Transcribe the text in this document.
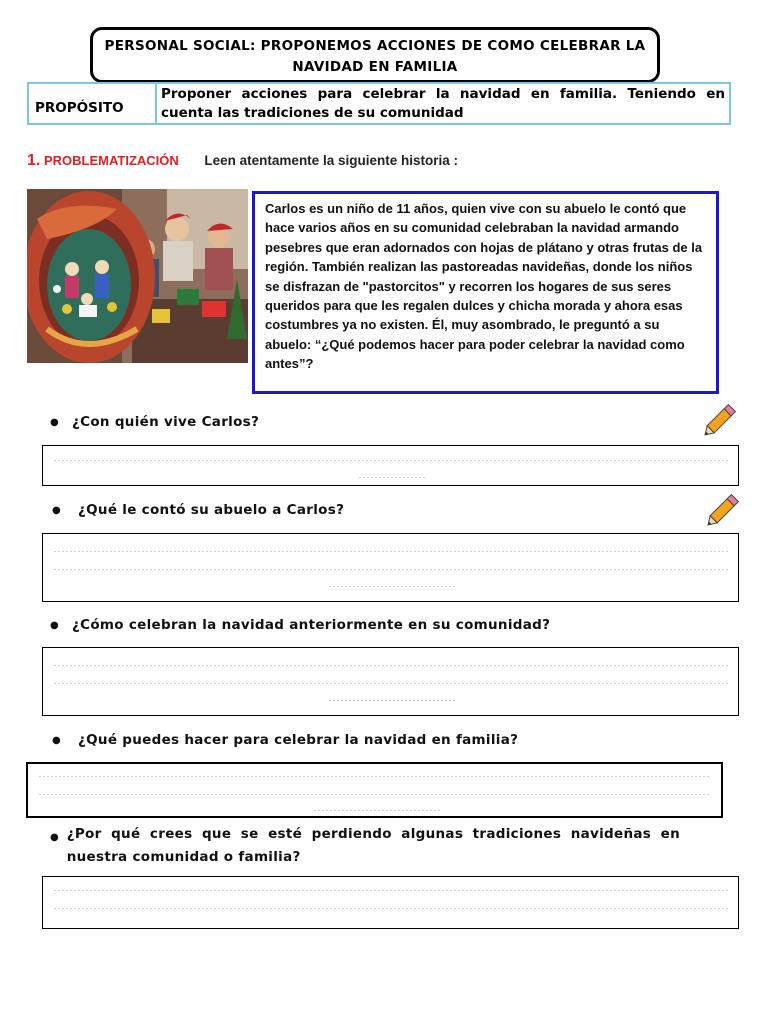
PERSONAL SOCIAL: PROPONEMOS ACCIONES DE COMO CELEBRAR LA
NAVIDAD EN FAMILIA
PROPÓSITO
Proponer acciones para celebrar la navidad en familia. Teniendo en cuenta las tradiciones de su comunidad
1. PROBLEMATIZACIÓN Leen atentamente la siguiente historia :
Carlos es un niño de 11 años, quien vive con su abuelo le contó que hace varios años en su comunidad celebraban la navidad armando pesebres que eran adornados con hojas de plátano y otras frutas de la región. También realizan las pastoreadas navideñas, donde los niños se disfrazan de "pastorcitos" y recorren los hogares de sus seres queridos para que les regalen dulces y chicha morada y ahora esas costumbres ya no existen. Él, muy asombrado, le preguntó a su abuelo: “¿Qué podemos hacer para poder celebrar la navidad como antes”?
● ¿Con quién vive Carlos?
●	¿Qué le contó su abuelo a Carlos?
● ¿Cómo celebran la navidad anteriormente en su comunidad?
●	¿Qué puedes hacer para celebrar la navidad en familia?
● ¿Por qué crees que se esté perdiendo algunas tradiciones navideñas en nuestra comunidad o familia?
